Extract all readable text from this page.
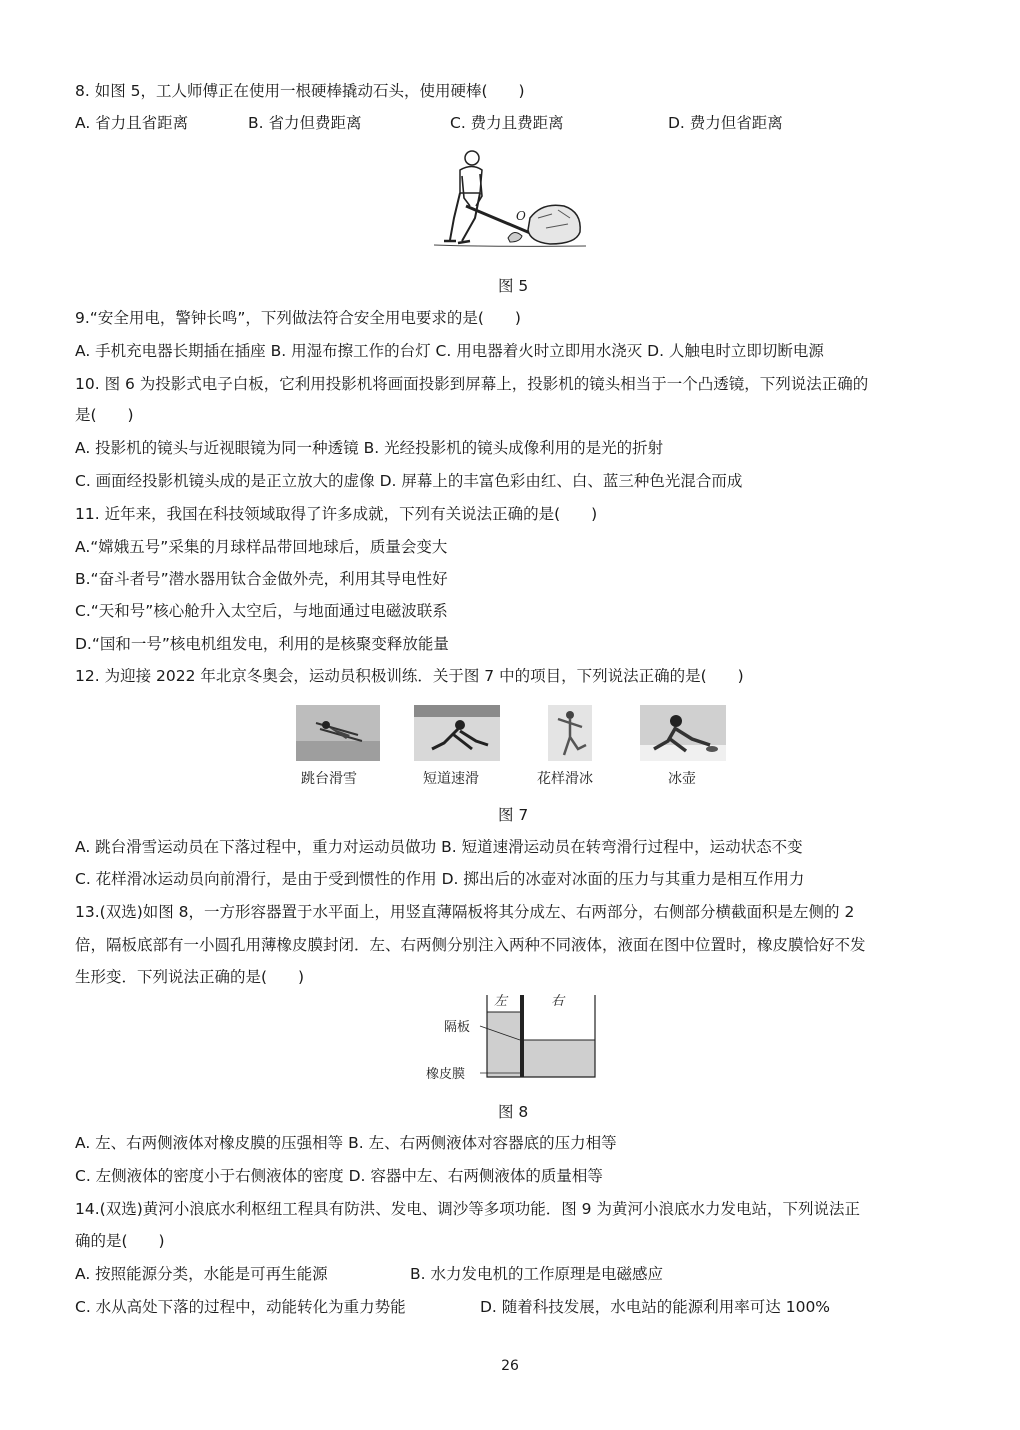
8. 如图 5，工人师傅正在使用一根硬棒撬动石头，使用硬棒(　　)
A. 省力且省距离	B. 省力但费距离	C. 费力且费距离	D. 费力但省距离
O
图 5
9.“安全用电，警钟长鸣”，下列做法符合安全用电要求的是(　　)
A. 手机充电器长期插在插座 B. 用湿布擦工作的台灯 C. 用电器着火时立即用水浇灭 D. 人触电时立即切断电源
10. 图 6 为投影式电子白板，它利用投影机将画面投影到屏幕上，投影机的镜头相当于一个凸透镜，下列说法正确的
是(　　)
A. 投影机的镜头与近视眼镜为同一种透镜 B. 光经投影机的镜头成像利用的是光的折射
C. 画面经投影机镜头成的是正立放大的虚像 D. 屏幕上的丰富色彩由红、白、蓝三种色光混合而成
11. 近年来，我国在科技领域取得了许多成就，下列有关说法正确的是(　　)
A.“嫦娥五号”采集的月球样品带回地球后，质量会变大
B.“奋斗者号”潜水器用钛合金做外壳，利用其导电性好
C.“天和号”核心舱升入太空后，与地面通过电磁波联系
D.“国和一号”核电机组发电，利用的是核聚变释放能量
12. 为迎接 2022 年北京冬奥会，运动员积极训练．关于图 7 中的项目，下列说法正确的是(　　)
跳台滑雪	短道速滑	花样滑冰	冰壶
图 7
A. 跳台滑雪运动员在下落过程中，重力对运动员做功 B. 短道速滑运动员在转弯滑行过程中，运动状态不变
C. 花样滑冰运动员向前滑行，是由于受到惯性的作用 D. 掷出后的冰壶对冰面的压力与其重力是相互作用力
13.(双选)如图 8，一方形容器置于水平面上，用竖直薄隔板将其分成左、右两部分，右侧部分横截面积是左侧的 2
倍，隔板底部有一小圆孔用薄橡皮膜封闭．左、右两侧分别注入两种不同液体，液面在图中位置时，橡皮膜恰好不发
生形变．下列说法正确的是(　　)
左	右
隔板
橡皮膜
图 8
A. 左、右两侧液体对橡皮膜的压强相等 B. 左、右两侧液体对容器底的压力相等
C. 左侧液体的密度小于右侧液体的密度 D. 容器中左、右两侧液体的质量相等
14.(双选)黄河小浪底水利枢纽工程具有防洪、发电、调沙等多项功能．图 9 为黄河小浪底水力发电站，下列说法正
确的是(　　)
A. 按照能源分类，水能是可再生能源	B. 水力发电机的工作原理是电磁感应
C. 水从高处下落的过程中，动能转化为重力势能	D. 随着科技发展，水电站的能源利用率可达 100%
26
